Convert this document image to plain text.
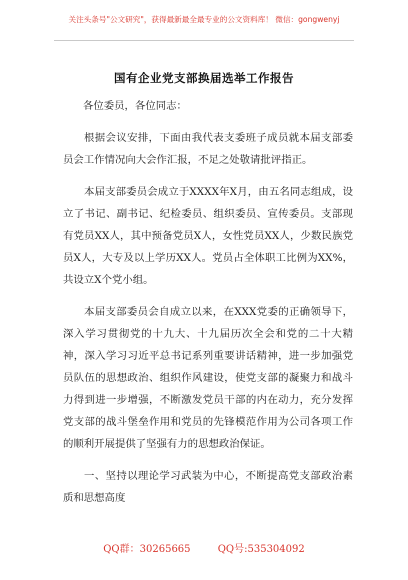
关注头条号"公文研究"，获得最新最全最专业的公文资料库！ 微信：gongwenyj
国有企业党支部换届选举工作报告

各位委员，各位同志：

根据会议安排，下面由我代表支委班子成员就本届支部委员会工作情况向大会作汇报，不足之处敬请批评指正。

本届支部委员会成立于XXXX年X月，由五名同志组成，设立了书记、副书记、纪检委员、组织委员、宣传委员。支部现有党员XX人，其中预备党员X人，女性党员XX人，少数民族党员X人，大专及以上学历XX人。党员占全体职工比例为XX%，共设立X个党小组。

本届支部委员会自成立以来，在XXX党委的正确领导下，深入学习贯彻党的十九大、十九届历次全会和党的二十大精神，深入学习习近平总书记系列重要讲话精神，进一步加强党员队伍的思想政治、组织作风建设，使党支部的凝聚力和战斗力得到进一步增强，不断激发党员干部的内在动力，充分发挥党支部的战斗堡垒作用和党员的先锋模范作用为公司各项工作的顺利开展提供了坚强有力的思想政治保证。

一、坚持以理论学习武装为中心，不断提高党支部政治素质和思想高度

QQ群：30265665	QQ号:535304092
